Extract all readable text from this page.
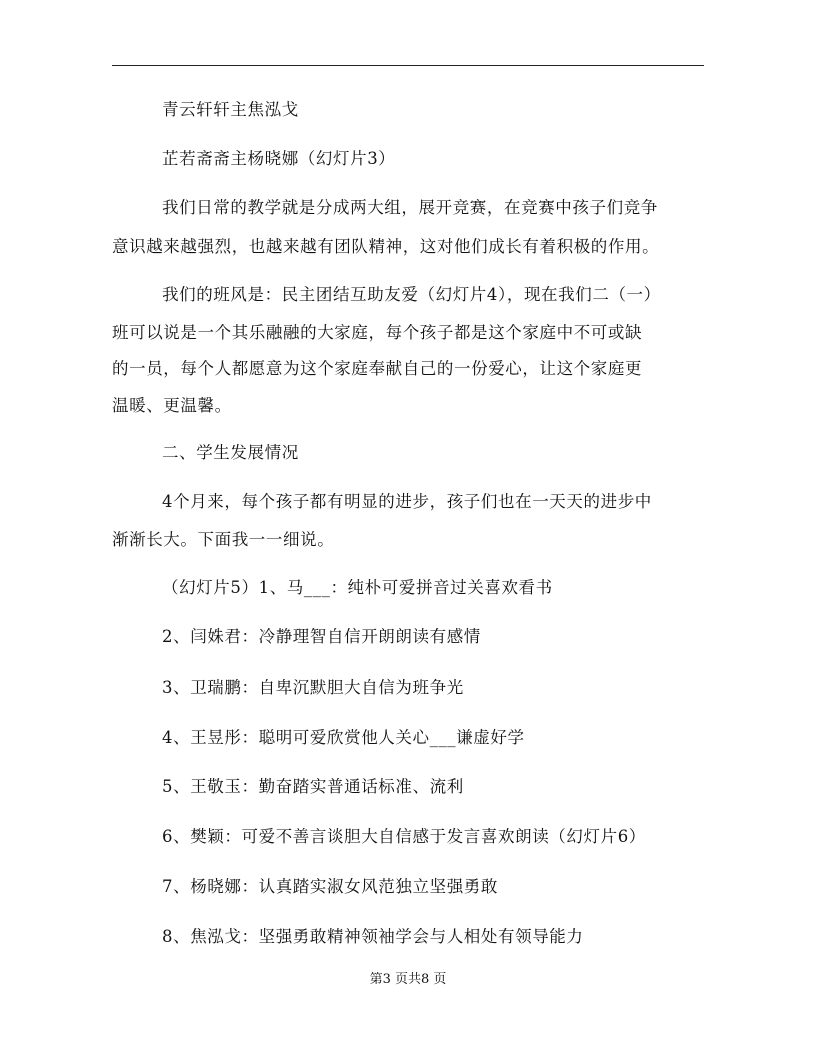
青云轩轩主焦泓戈
芷若斋斋主杨晓娜（幻灯片3）
我们日常的教学就是分成两大组，展开竞赛，在竞赛中孩子们竞争
意识越来越强烈，也越来越有团队精神，这对他们成长有着积极的作用。
我们的班风是：民主团结互助友爱（幻灯片4），现在我们二（一）
班可以说是一个其乐融融的大家庭，每个孩子都是这个家庭中不可或缺
的一员，每个人都愿意为这个家庭奉献自己的一份爱心，让这个家庭更
温暖、更温馨。
二、学生发展情况
4个月来，每个孩子都有明显的进步，孩子们也在一天天的进步中
渐渐长大。下面我一一细说。
（幻灯片5）1、马___：纯朴可爱拼音过关喜欢看书
2、闫姝君：冷静理智自信开朗朗读有感情
3、卫瑞鹏：自卑沉默胆大自信为班争光
4、王昱彤：聪明可爱欣赏他人关心___谦虚好学
5、王敬玉：勤奋踏实普通话标准、流利
6、樊颖：可爱不善言谈胆大自信感于发言喜欢朗读（幻灯片6）
7、杨晓娜：认真踏实淑女风范独立坚强勇敢
8、焦泓戈：坚强勇敢精神领袖学会与人相处有领导能力
第3 页共8 页
